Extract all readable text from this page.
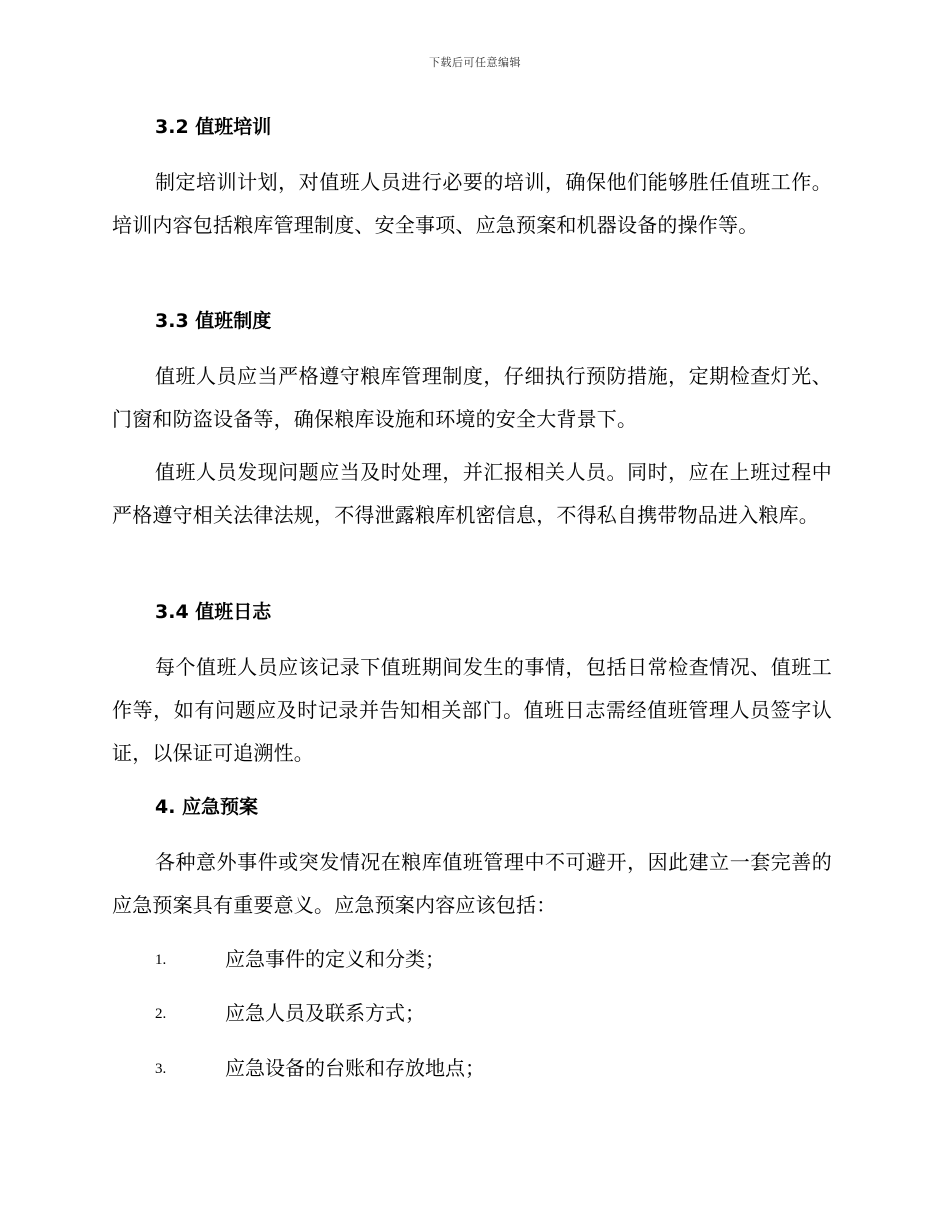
下载后可任意编辑
3.2 值班培训
制定培训计划，对值班人员进行必要的培训，确保他们能够胜任值班工作。培训内容包括粮库管理制度、安全事项、应急预案和机器设备的操作等。
3.3 值班制度
值班人员应当严格遵守粮库管理制度，仔细执行预防措施，定期检查灯光、门窗和防盗设备等，确保粮库设施和环境的安全大背景下。
值班人员发现问题应当及时处理，并汇报相关人员。同时，应在上班过程中严格遵守相关法律法规，不得泄露粮库机密信息，不得私自携带物品进入粮库。
3.4 值班日志
每个值班人员应该记录下值班期间发生的事情，包括日常检查情况、值班工作等，如有问题应及时记录并告知相关部门。值班日志需经值班管理人员签字认证，以保证可追溯性。
4. 应急预案
各种意外事件或突发情况在粮库值班管理中不可避开，因此建立一套完善的应急预案具有重要意义。应急预案内容应该包括：
1.	应急事件的定义和分类；
2.	应急人员及联系方式；
3.	应急设备的台账和存放地点；
